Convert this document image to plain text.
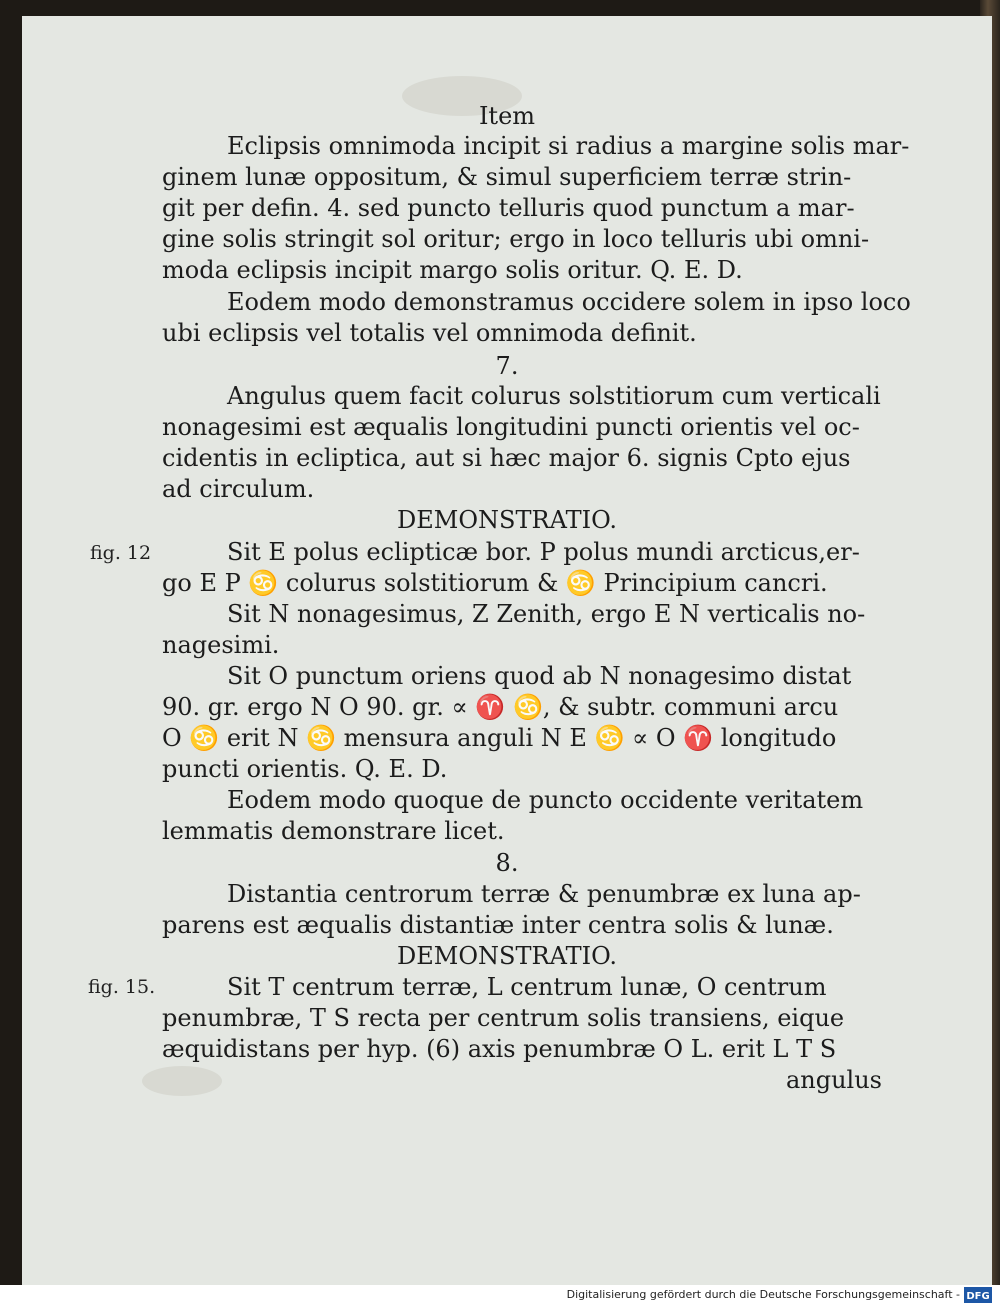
Item
Eclipsis omnimoda incipit si radius a margine solis mar-
ginem lunæ oppositum, & simul superficiem terræ strin-
git per defin. 4. sed puncto telluris quod punctum a mar-
gine solis stringit sol oritur; ergo in loco telluris ubi omni-
moda eclipsis incipit margo solis oritur. Q. E. D.
Eodem modo demonstramus occidere solem in ipso loco
ubi eclipsis vel totalis vel omnimoda definit.
7.
Angulus quem facit colurus solstitiorum cum verticali
nonagesimi est æqualis longitudini puncti orientis vel oc-
cidentis in ecliptica, aut si hæc major 6. signis Cpto ejus
ad circulum.
DEMONSTRATIO.
fig. 12	Sit E polus eclipticæ bor. P polus mundi arcticus,er-
go E P ♋ colurus solstitiorum & ♋ Principium cancri.
Sit N nonagesimus, Z Zenith, ergo E N verticalis no-
nagesimi.
Sit O punctum oriens quod ab N nonagesimo distat
90. gr. ergo N O 90. gr. ∝ ♈ ♋, & subtr. communi arcu
O ♋ erit N ♋ mensura anguli N E ♋ ∝ O ♈ longitudo
puncti orientis. Q. E. D.
Eodem modo quoque de puncto occidente veritatem
lemmatis demonstrare licet.
8.
Distantia centrorum terræ & penumbræ ex luna ap-
parens est æqualis distantiæ inter centra solis & lunæ.
DEMONSTRATIO.
fig. 15.	Sit T centrum terræ, L centrum lunæ, O centrum
penumbræ, T S recta per centrum solis transiens, eique
æquidistans per hyp. (6) axis penumbræ O L. erit L T S
angulus
Digitalisierung gefördert durch die Deutsche Forschungsgemeinschaft - DFG
